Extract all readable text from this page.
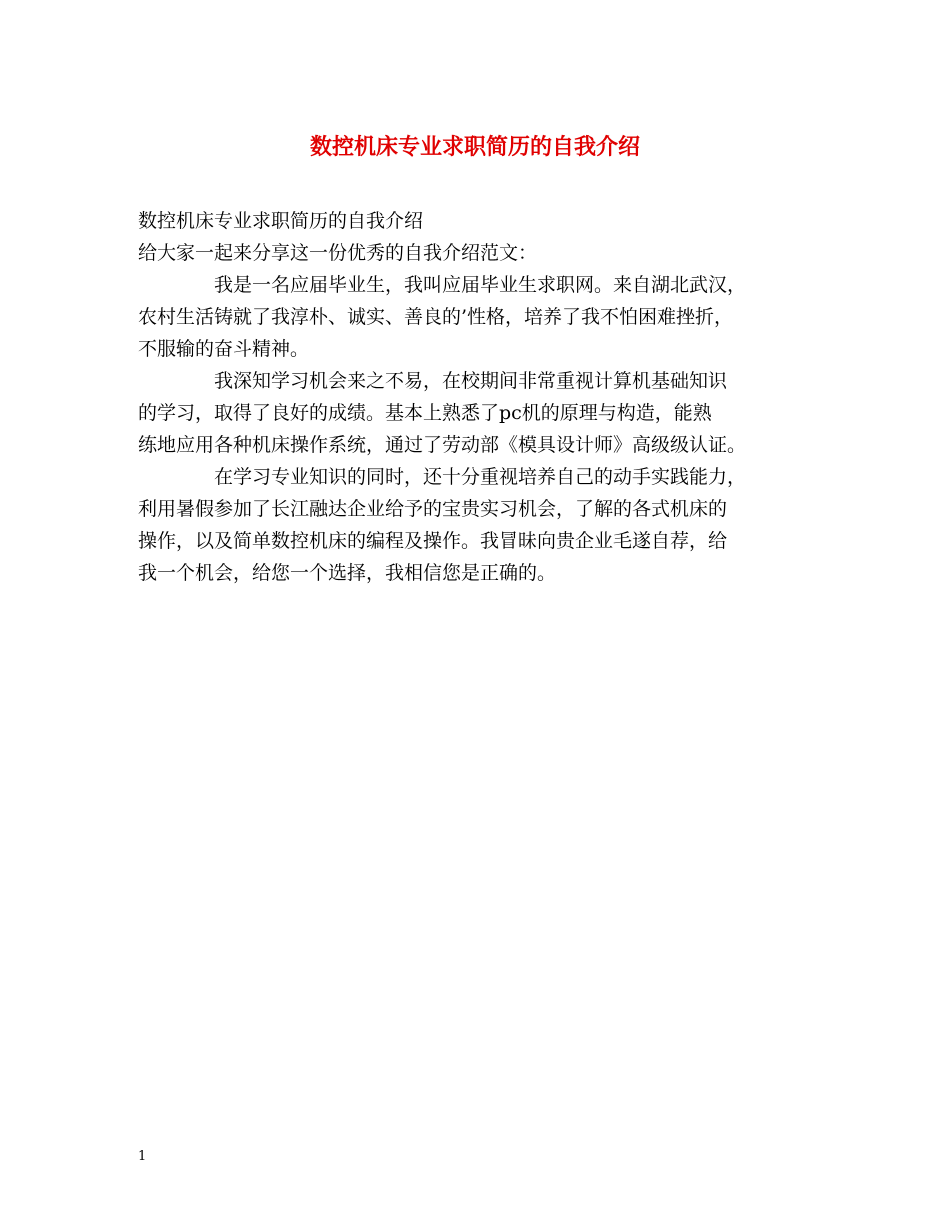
数控机床专业求职简历的自我介绍

数控机床专业求职简历的自我介绍

给大家一起来分享这一份优秀的自我介绍范文：

我是一名应届毕业生，我叫应届毕业生求职网。来自湖北武汉，

农村生活铸就了我淳朴、诚实、善良的’性格，培养了我不怕困难挫折，

不服输的奋斗精神。

我深知学习机会来之不易，在校期间非常重视计算机基础知识

的学习，取得了良好的成绩。基本上熟悉了pc机的原理与构造，能熟

练地应用各种机床操作系统，通过了劳动部《模具设计师》高级级认证。

在学习专业知识的同时，还十分重视培养自己的动手实践能力，

利用暑假参加了长江融达企业给予的宝贵实习机会，了解的各式机床的

操作，以及简单数控机床的编程及操作。我冒昧向贵企业毛遂自荐，给

我一个机会，给您一个选择，我相信您是正确的。

1
